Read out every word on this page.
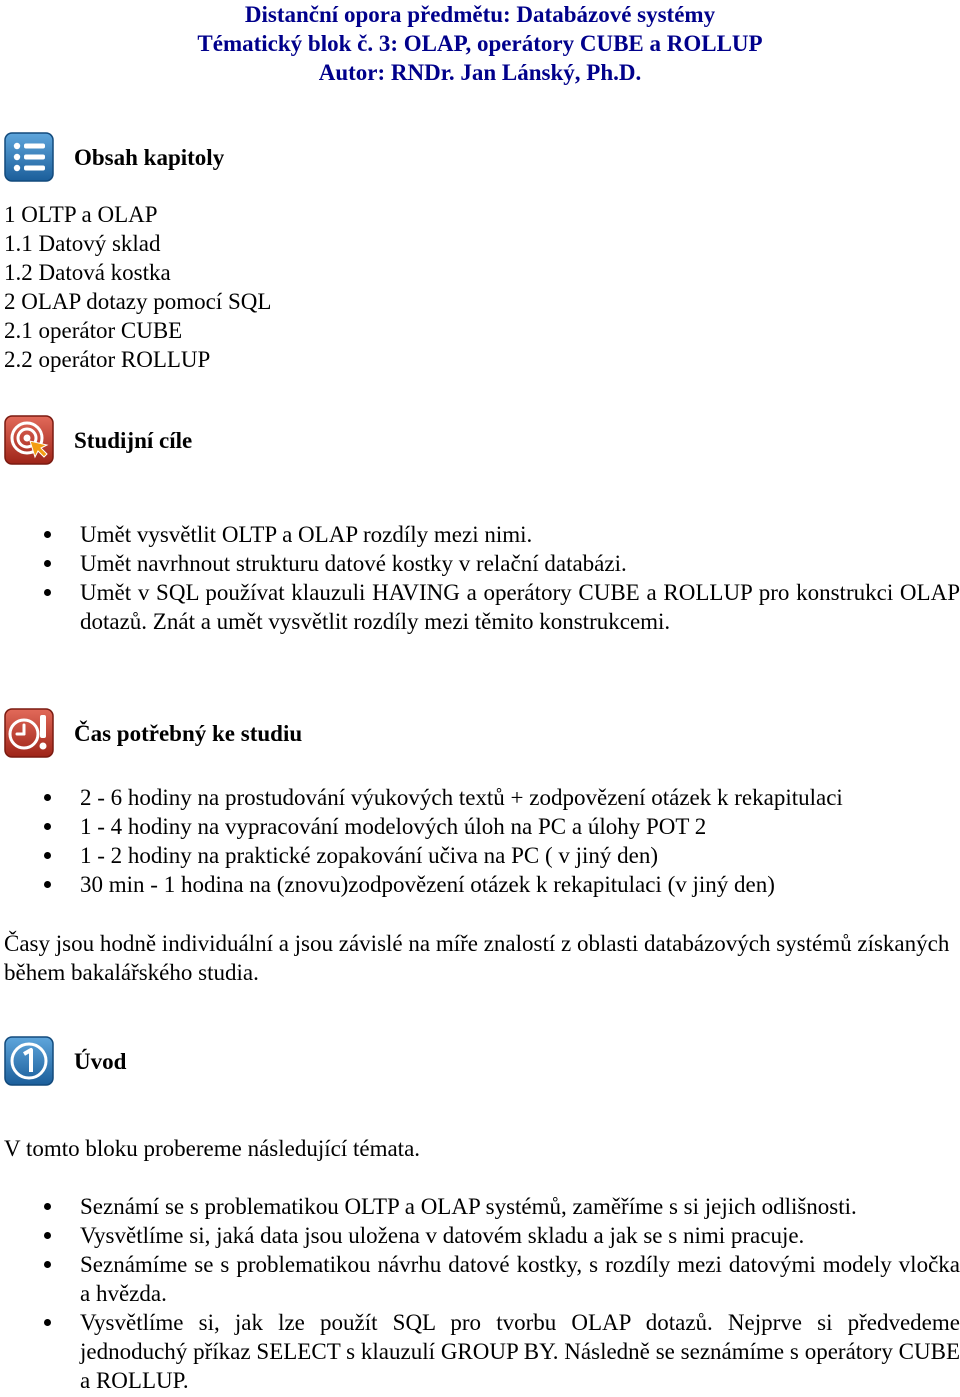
Distanční opora předmětu: Databázové systémy
Tématický blok č. 3: OLAP, operátory CUBE a ROLLUP
Autor: RNDr. Jan Lánský, Ph.D.
Obsah kapitoly
1 OLTP a OLAP
1.1 Datový sklad
1.2 Datová kostka
2 OLAP dotazy pomocí SQL
2.1 operátor CUBE
2.2 operátor ROLLUP
Studijní cíle
Umět vysvětlit OLTP a OLAP rozdíly mezi nimi.
Umět navrhnout strukturu datové kostky v relační databázi.
Umět v SQL používat klauzuli HAVING a operátory CUBE a ROLLUP pro konstrukci OLAP dotazů. Znát a umět vysvětlit rozdíly mezi těmito konstrukcemi.
Čas potřebný ke studiu
2 - 6 hodiny na prostudování výukových textů + zodpovězení otázek k rekapitulaci
1 - 4 hodiny na vypracování modelových úloh na PC a úlohy POT 2
1 - 2 hodiny na praktické zopakování učiva na PC ( v jiný den)
30 min - 1 hodina na (znovu)zodpovězení otázek k rekapitulaci (v jiný den)

Časy jsou hodně individuální a jsou závislé na míře znalostí z oblasti databázových systémů získaných během bakalářského studia.

Úvod

V tomto bloku probereme následující témata.

Seznámí se s problematikou OLTP a OLAP systémů, zaměříme s si jejich odlišnosti.
Vysvětlíme si, jaká data jsou uložena v datovém skladu a jak se s nimi pracuje.
Seznámíme se s problematikou návrhu datové kostky, s rozdíly mezi datovými modely vločka a hvězda.
Vysvětlíme si, jak lze použít SQL pro tvorbu OLAP dotazů. Nejprve si předvedeme jednoduchý příkaz SELECT s klauzulí GROUP BY. Následně se seznámíme s operátory CUBE a ROLLUP.
